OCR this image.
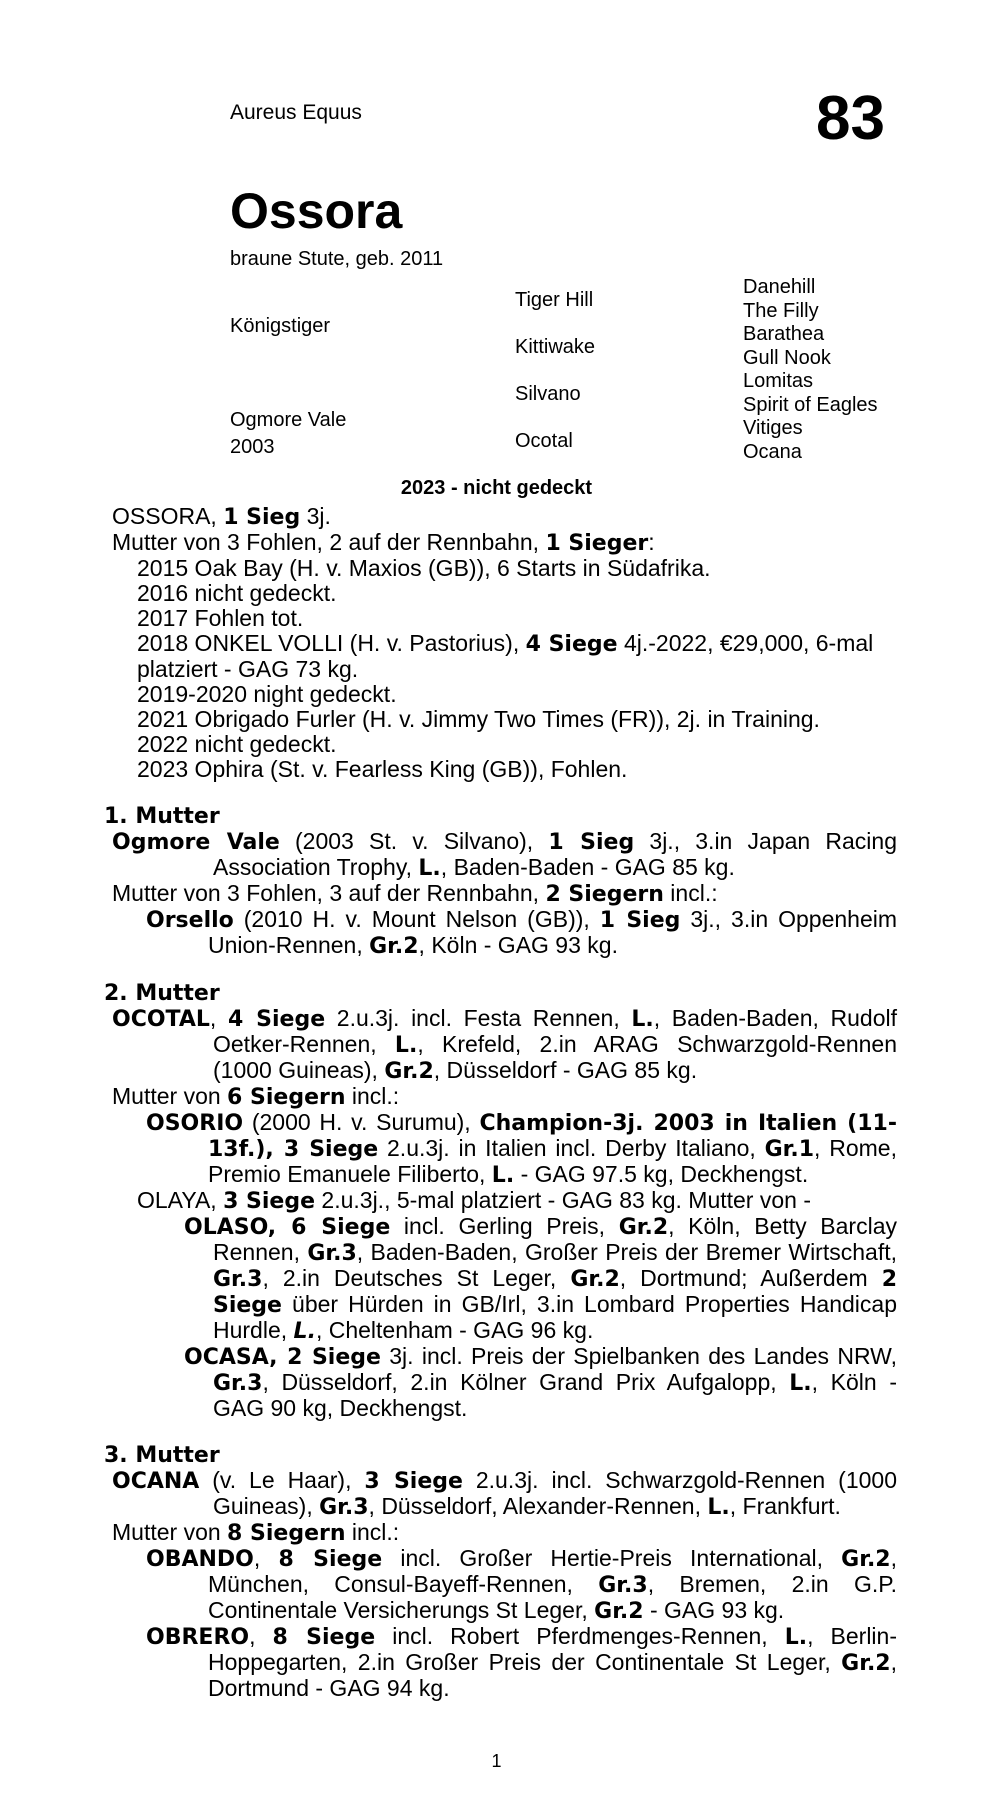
Aureus Equus	83
Ossora
braune Stute, geb. 2011
Königstiger
Ogmore Vale
2003
Tiger Hill
Kittiwake
Silvano
Ocotal
Danehill
The Filly
Barathea
Gull Nook
Lomitas
Spirit of Eagles
Vitiges
Ocana
2023 - nicht gedeckt

OSSORA, 1 Sieg 3j.

Mutter von 3 Fohlen, 2 auf der Rennbahn, 1 Sieger:

2015 Oak Bay (H. v. Maxios (GB)), 6 Starts in Südafrika.

2016 nicht gedeckt.

2017 Fohlen tot.

2018 ONKEL VOLLI (H. v. Pastorius), 4 Siege 4j.-2022, €29,000, 6-mal platziert - GAG 73 kg.

2019-2020 night gedeckt.

2021 Obrigado Furler (H. v. Jimmy Two Times (FR)), 2j. in Training.

2022 nicht gedeckt.

2023 Ophira (St. v. Fearless King (GB)), Fohlen.

1. Mutter

Ogmore Vale (2003 St. v. Silvano), 1 Sieg 3j., 3.in Japan Racing Association Trophy, L., Baden-Baden - GAG 85 kg.

Mutter von 3 Fohlen, 3 auf der Rennbahn, 2 Siegern incl.:

Orsello (2010 H. v. Mount Nelson (GB)), 1 Sieg 3j., 3.in Oppenheim Union-Rennen, Gr.2, Köln - GAG 93 kg.

2. Mutter

OCOTAL, 4 Siege 2.u.3j. incl. Festa Rennen, L., Baden-Baden, Rudolf Oetker-Rennen, L., Krefeld, 2.in ARAG Schwarzgold-Rennen (1000 Guineas), Gr.2, Düsseldorf - GAG 85 kg.

Mutter von 6 Siegern incl.:

OSORIO (2000 H. v. Surumu), Champion-3j. 2003 in Italien (11-13f.), 3 Siege 2.u.3j. in Italien incl. Derby Italiano, Gr.1, Rome, Premio Emanuele Filiberto, L. - GAG 97.5 kg, Deckhengst.

OLAYA, 3 Siege 2.u.3j., 5-mal platziert - GAG 83 kg. Mutter von -

OLASO, 6 Siege incl. Gerling Preis, Gr.2, Köln, Betty Barclay Rennen, Gr.3, Baden-Baden, Großer Preis der Bremer Wirtschaft, Gr.3, 2.in Deutsches St Leger, Gr.2, Dortmund; Außerdem 2 Siege über Hürden in GB/Irl, 3.in Lombard Properties Handicap Hurdle, L., Cheltenham - GAG 96 kg.

OCASA, 2 Siege 3j. incl. Preis der Spielbanken des Landes NRW, Gr.3, Düsseldorf, 2.in Kölner Grand Prix Aufgalopp, L., Köln - GAG 90 kg, Deckhengst.

3. Mutter

OCANA (v. Le Haar), 3 Siege 2.u.3j. incl. Schwarzgold-Rennen (1000 Guineas), Gr.3, Düsseldorf, Alexander-Rennen, L., Frankfurt.

Mutter von 8 Siegern incl.:

OBANDO, 8 Siege incl. Großer Hertie-Preis International, Gr.2, München, Consul-Bayeff-Rennen, Gr.3, Bremen, 2.in G.P. Continentale Versicherungs St Leger, Gr.2 - GAG 93 kg.

OBRERO, 8 Siege incl. Robert Pferdmenges-Rennen, L., Berlin-Hoppegarten, 2.in Großer Preis der Continentale St Leger, Gr.2, Dortmund - GAG 94 kg.

1
